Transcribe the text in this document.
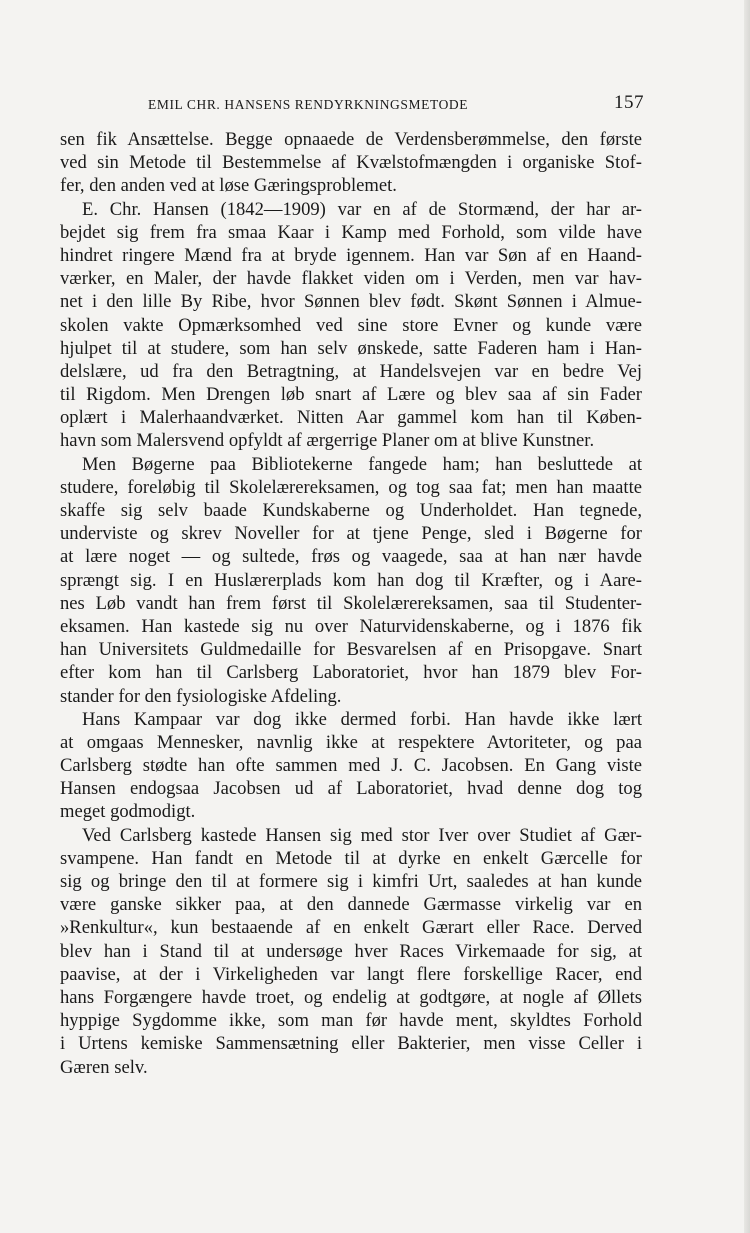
EMIL CHR. HANSENS RENDYRKNINGSMETODE	157
sen fik Ansættelse. Begge opnaaede de Verdensberømmelse, den første
ved sin Metode til Bestemmelse af Kvælstofmængden i organiske Stof-
fer, den anden ved at løse Gæringsproblemet.
E. Chr. Hansen (1842—1909) var en af de Stormænd, der har ar-
bejdet sig frem fra smaa Kaar i Kamp med Forhold, som vilde have
hindret ringere Mænd fra at bryde igennem. Han var Søn af en Haand-
værker, en Maler, der havde flakket viden om i Verden, men var hav-
net i den lille By Ribe, hvor Sønnen blev født. Skønt Sønnen i Almue-
skolen vakte Opmærksomhed ved sine store Evner og kunde være
hjulpet til at studere, som han selv ønskede, satte Faderen ham i Han-
delslære, ud fra den Betragtning, at Handelsvejen var en bedre Vej
til Rigdom. Men Drengen løb snart af Lære og blev saa af sin Fader
oplært i Malerhaandværket. Nitten Aar gammel kom han til Køben-
havn som Malersvend opfyldt af ærgerrige Planer om at blive Kunstner.
Men Bøgerne paa Bibliotekerne fangede ham; han besluttede at
studere, foreløbig til Skolelærereksamen, og tog saa fat; men han maatte
skaffe sig selv baade Kundskaberne og Underholdet. Han tegnede,
underviste og skrev Noveller for at tjene Penge, sled i Bøgerne for
at lære noget — og sultede, frøs og vaagede, saa at han nær havde
sprængt sig. I en Huslærerplads kom han dog til Kræfter, og i Aare-
nes Løb vandt han frem først til Skolelærereksamen, saa til Studenter-
eksamen. Han kastede sig nu over Naturvidenskaberne, og i 1876 fik
han Universitets Guldmedaille for Besvarelsen af en Prisopgave. Snart
efter kom han til Carlsberg Laboratoriet, hvor han 1879 blev For-
stander for den fysiologiske Afdeling.
Hans Kampaar var dog ikke dermed forbi. Han havde ikke lært
at omgaas Mennesker, navnlig ikke at respektere Avtoriteter, og paa
Carlsberg stødte han ofte sammen med J. C. Jacobsen. En Gang viste
Hansen endogsaa Jacobsen ud af Laboratoriet, hvad denne dog tog
meget godmodigt.
Ved Carlsberg kastede Hansen sig med stor Iver over Studiet af Gær-
svampene. Han fandt en Metode til at dyrke en enkelt Gærcelle for
sig og bringe den til at formere sig i kimfri Urt, saaledes at han kunde
være ganske sikker paa, at den dannede Gærmasse virkelig var en
»Renkultur«, kun bestaaende af en enkelt Gærart eller Race. Derved
blev han i Stand til at undersøge hver Races Virkemaade for sig, at
paavise, at der i Virkeligheden var langt flere forskellige Racer, end
hans Forgængere havde troet, og endelig at godtgøre, at nogle af Øllets
hyppige Sygdomme ikke, som man før havde ment, skyldtes Forhold
i Urtens kemiske Sammensætning eller Bakterier, men visse Celler i
Gæren selv.
